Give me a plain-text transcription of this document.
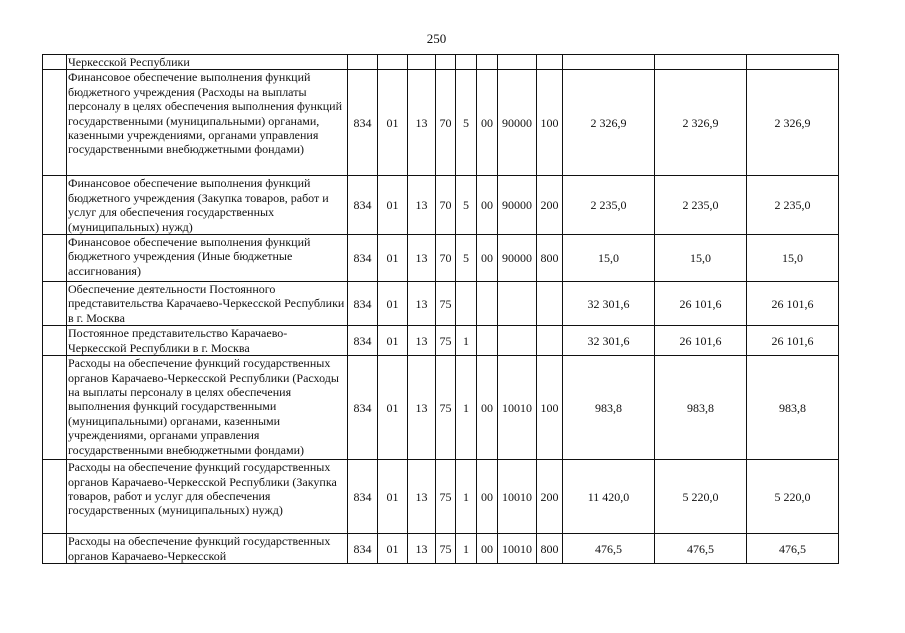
250
	Черкесской Республики											
	Финансовое обеспечение выполнения функций бюджетного учреждения (Расходы на выплаты персоналу в целях обеспечения выполнения функций государственными (муниципальными) органами, казенными учреждениями, органами управления государственными внебюджетными фондами)	834	01	13	70	5	00	90000	100	2 326,9	2 326,9	2 326,9
	Финансовое обеспечение выполнения функций бюджетного учреждения (Закупка товаров, работ и услуг для обеспечения государственных (муниципальных) нужд)	834	01	13	70	5	00	90000	200	2 235,0	2 235,0	2 235,0
	Финансовое обеспечение выполнения функций бюджетного учреждения (Иные бюджетные ассигнования)	834	01	13	70	5	00	90000	800	15,0	15,0	15,0
	Обеспечение деятельности Постоянного представительства Карачаево-Черкесской Республики в г. Москва	834	01	13	75					32 301,6	26 101,6	26 101,6
	Постоянное представительство Карачаево-Черкесской Республики в г. Москва	834	01	13	75	1				32 301,6	26 101,6	26 101,6
	Расходы на обеспечение функций государственных органов Карачаево-Черкесской Республики (Расходы на выплаты персоналу в целях обеспечения выполнения функций государственными (муниципальными) органами, казенными учреждениями, органами управления государственными внебюджетными фондами)	834	01	13	75	1	00	10010	100	983,8	983,8	983,8
	Расходы на обеспечение функций государственных органов Карачаево-Черкесской Республики (Закупка товаров, работ и услуг для обеспечения государственных (муниципальных) нужд)	834	01	13	75	1	00	10010	200	11 420,0	5 220,0	5 220,0
	Расходы на обеспечение функций государственных органов Карачаево-Черкесской	834	01	13	75	1	00	10010	800	476,5	476,5	476,5
